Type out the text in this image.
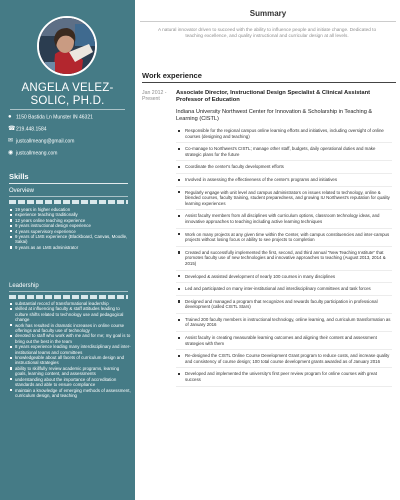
ANGELA VELEZ-SOLIC, PH.D.
● 1150 Bastida Ln Munster IN 46321
☎219.448.1584
✉ justcallmeang@gmail.com
◉ justcallmeang.com
Skills
Overview
19 years in higher education
experience teaching traditionally
12 years online teaching experience
9 years instructional design experience
4 years supervisory experience
9 years of LMS experience (Blackboard, Canvas, Moodle, Sakai)
9 years as an LMS administrator
Leadership
substantial record of transformational leadership
skilled at influencing faculty & staff attitudes leading to culture shifts related to technology use and pedagogical change
work has resulted in dramatic increases in online course offerings and faculty use of technology
devoted to staff who work with me and for me; my goal is to bring out the best in the team
8 years experience leading many interdisciplinary and inter-institutional teams and committees
knowledgeable about all facets of curriculum design and instructional strategies
ability to skillfully review academic programs, learning goals, learning content, and assessments
understanding about the importance of accreditation standards and able to ensure compliance
maintain a knowledge of emerging methods of assessment, curriculum design, and teaching
Summary
A natural innovator driven to succeed with the ability to influence people and initiate change. Dedicated to teaching excellence, and quality instructional and curricular design at all levels.
Work experience
Jan 2012 - Present
Associate Director, Instructional Design Specialist & Clinical Assistant Professor of Education
Indiana University Northwest Center for Innovation & Scholarship in Teaching & Learning (CISTL)
Responsible for the regional campus online learning efforts and initiatives, including oversight of online courses (designing and teaching)
Co-manage to Northwest's CISTL; manage other staff, budgets, daily operational duties and make strategic plans for the future
Coordinate the center's faculty development efforts
Involved in assessing the effectiveness of the center's programs and initiatives
Regularly engage with unit level and campus administrators on issues related to technology, online & blended courses, faculty training, student preparedness, and growing IU Northwest's reputation for quality learning experiences
Assist faculty members from all disciplines with curriculum options, classroom technology ideas, and innovative approaches to teaching including active learning techniques
Work on many projects at any given time within the Center, with campus constituencies and inter-campus projects without losing focus or ability to see projects to completion
Created and successfully implemented the first, second, and third annual "New Teaching Institute" that promotes faculty use of new technologies and innovative approaches to teaching (August 2013, 2014 & 2015)
Developed & assisted development of nearly 100 courses in many disciplines
Led and participated on many inter-institutional and interdisciplinary committees and task forces
Designed and managed a program that recognizes and rewards faculty participation in professional development (called CISTL Stars)
Trained 200 faculty members in instructional technology, online learning, and curriculum transformation as of January 2016
Assist faculty in creating measurable learning outcomes and aligning their content and assessment strategies with them
Re-designed the CISTL Online Course Development Grant program to reduce costs, and increase quality and consistency of course design; 100 total course development grants awarded as of January 2016
Developed and implemented the university's first peer review program for online courses with great success
